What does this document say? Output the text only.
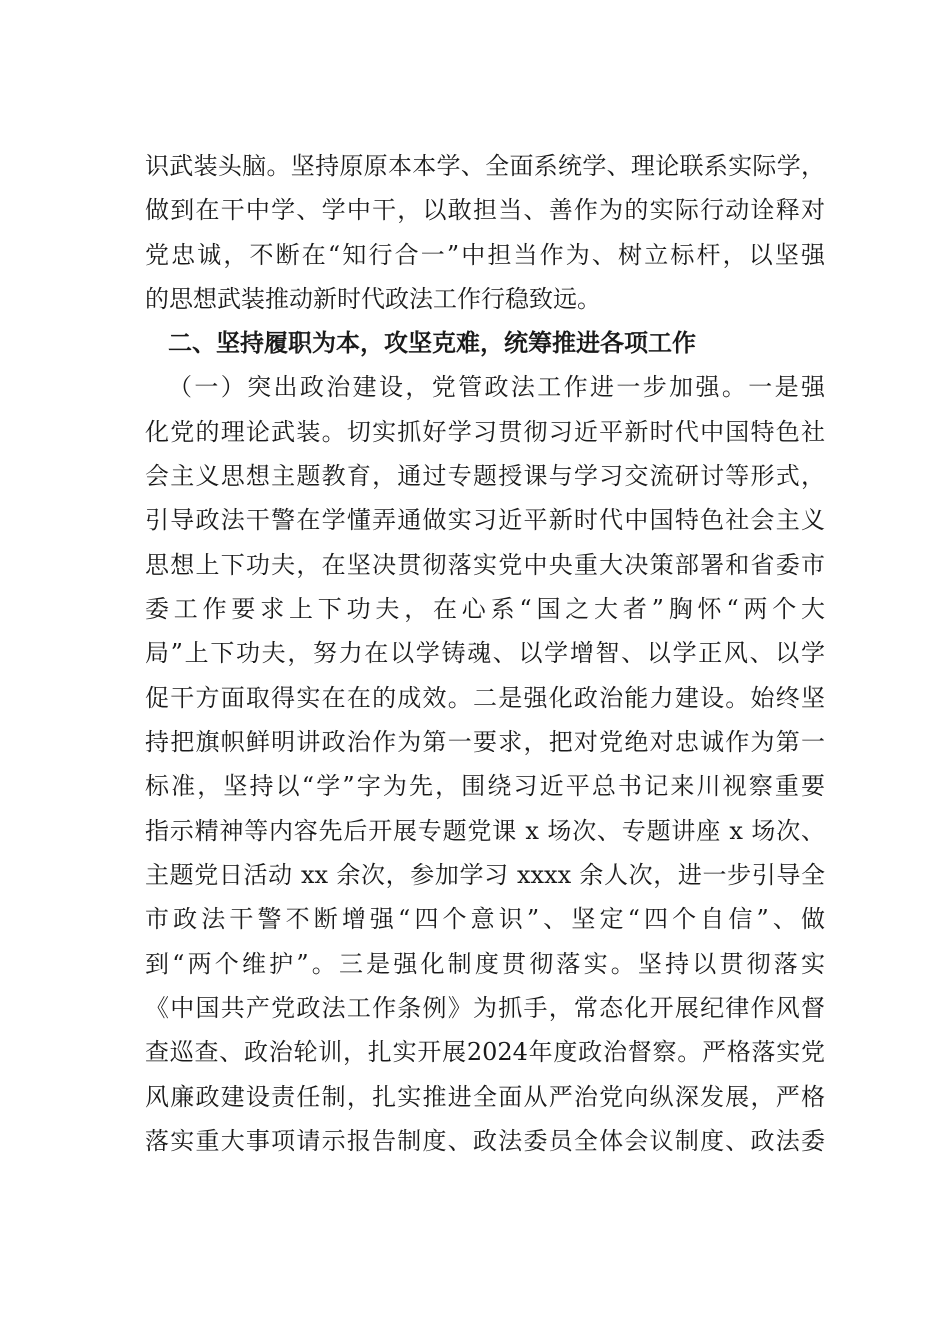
识武装头脑。坚持原原本本学、全面系统学、理论联系实际学，
做到在干中学、学中干，以敢担当、善作为的实际行动诠释对
党忠诚，不断在“知行合一”中担当作为、树立标杆，以坚强
的思想武装推动新时代政法工作行稳致远。
二、坚持履职为本，攻坚克难，统筹推进各项工作
（一）突出政治建设，党管政法工作进一步加强。一是强
化党的理论武装。切实抓好学习贯彻习近平新时代中国特色社
会主义思想主题教育，通过专题授课与学习交流研讨等形式，
引导政法干警在学懂弄通做实习近平新时代中国特色社会主义
思想上下功夫，在坚决贯彻落实党中央重大决策部署和省委市
委工作要求上下功夫，在心系“国之大者”胸怀“两个大
局”上下功夫，努力在以学铸魂、以学增智、以学正风、以学
促干方面取得实在在的成效。二是强化政治能力建设。始终坚
持把旗帜鲜明讲政治作为第一要求，把对党绝对忠诚作为第一
标准，坚持以“学”字为先，围绕习近平总书记来川视察重要
指示精神等内容先后开展专题党课 x 场次、专题讲座 x 场次、
主题党日活动 xx 余次，参加学习 xxxx 余人次，进一步引导全
市政法干警不断增强“四个意识”、坚定“四个自信”、做
到“两个维护”。三是强化制度贯彻落实。坚持以贯彻落实
《中国共产党政法工作条例》为抓手，常态化开展纪律作风督
查巡查、政治轮训，扎实开展2024年度政治督察。严格落实党
风廉政建设责任制，扎实推进全面从严治党向纵深发展，严格
落实重大事项请示报告制度、政法委员全体会议制度、政法委
